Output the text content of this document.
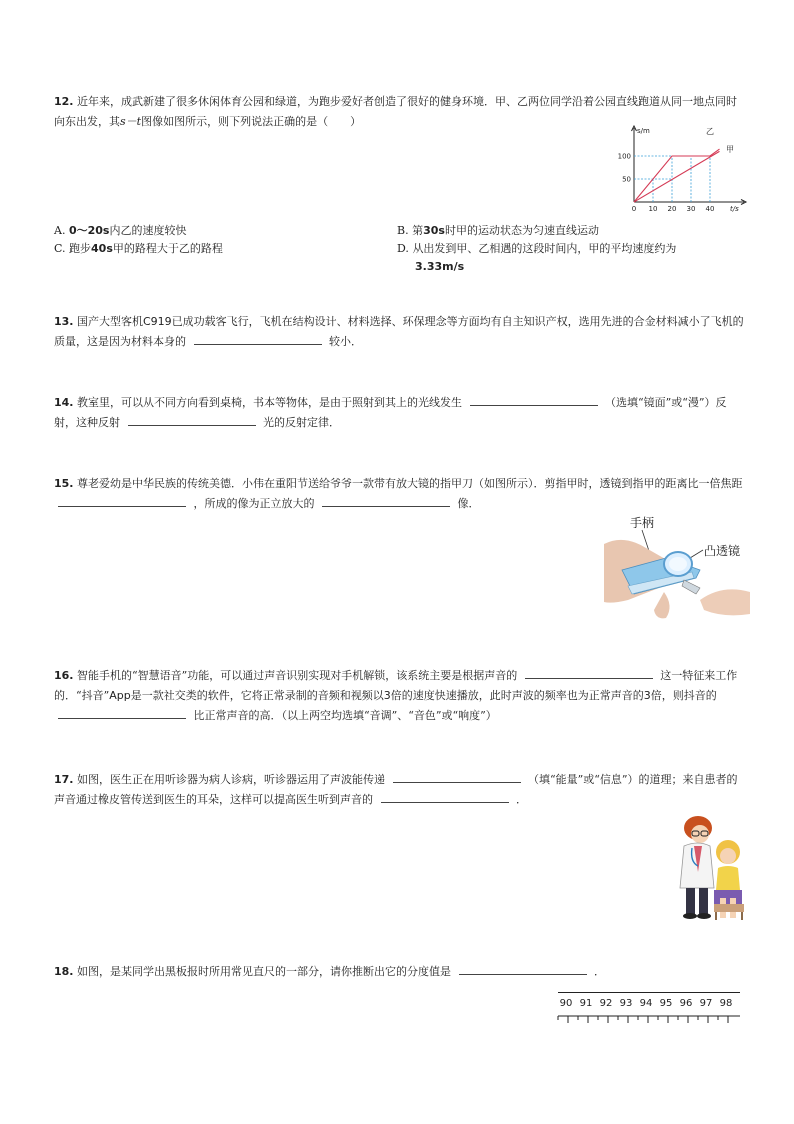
12. 近年来，成武新建了很多休闲体育公园和绿道，为跑步爱好者创造了很好的健身环境．甲、乙两位同学沿着公园直线跑道从同一地点同时向东出发，其s－t图像如图所示，则下列说法正确的是（　　）
s/m
t/s
0 10 20 30 40
50
100
乙
甲
A. 0～20s内乙的速度较快	B. 第30s时甲的运动状态为匀速直线运动
C. 跑步40s甲的路程大于乙的路程	D. 从出发到甲、乙相遇的这段时间内，甲的平均速度约为
3.33m/s
13. 国产大型客机C919已成功载客飞行，飞机在结构设计、材料选择、环保理念等方面均有自主知识产权，选用先进的合金材料减小了飞机的质量，这是因为材料本身的	较小．
14. 教室里，可以从不同方向看到桌椅，书本等物体，是由于照射到其上的光线发生	（选填“镜面”或“漫”）反射，这种反射	光的反射定律．
15. 尊老爱幼是中华民族的传统美德．小伟在重阳节送给爷爷一款带有放大镜的指甲刀（如图所示）．剪指甲时，透镜到指甲的距离比一倍焦距  ，所成的像为正立放大的	像．
手柄
凸透镜
16. 智能手机的“智慧语音”功能，可以通过声音识别实现对手机解锁，该系统主要是根据声音的	这一特征来工作的．“抖音”App是一款社交类的软件，它将正常录制的音频和视频以3倍的速度快速播放，此时声波的频率也为正常声音的3倍，则抖音的  比正常声音的高．（以上两空均选填“音调”、“音色”或“响度”）
17. 如图，医生正在用听诊器为病人诊病，听诊器运用了声波能传递	（填“能量”或“信息”）的道理；来自患者的声音通过橡皮管传送到医生的耳朵，这样可以提高医生听到声音的	．
18. 如图，是某同学出黑板报时所用常见直尺的一部分，请你推断出它的分度值是	．
90 91 92 93 94 95 96 97 98
